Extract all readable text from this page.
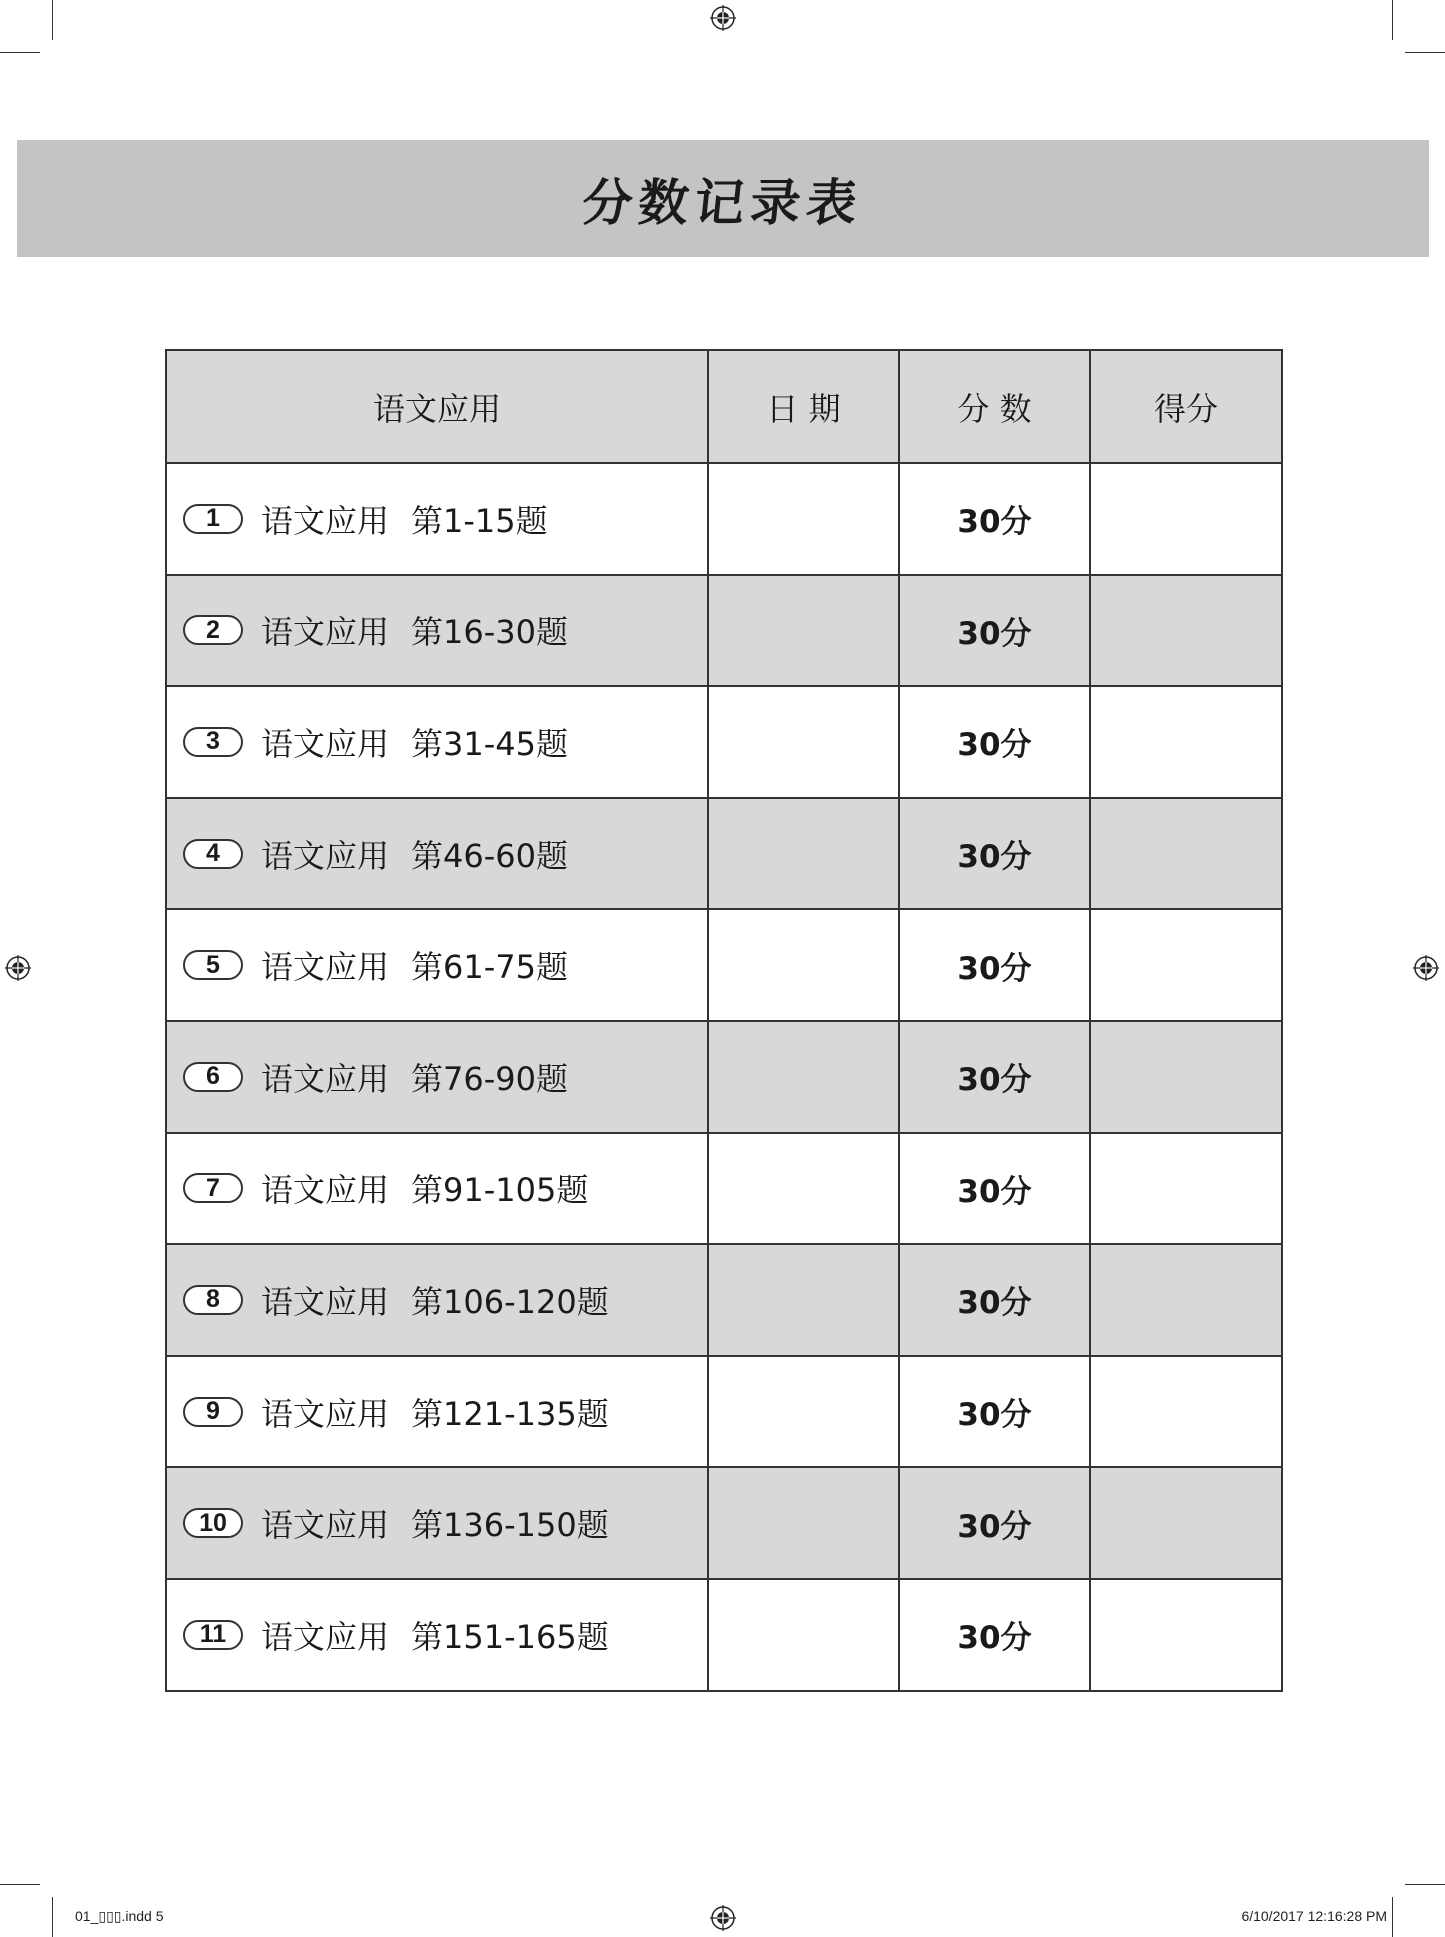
分数记录表
语文应用	日 期	分 数	得分
1 语文应用 第1-15题		30分	
2 语文应用 第16-30题		30分	
3 语文应用 第31-45题		30分	
4 语文应用 第46-60题		30分	
5 语文应用 第61-75题		30分	
6 语文应用 第76-90题		30分	
7 语文应用 第91-105题		30分	
8 语文应用 第106-120题		30分	
9 语文应用 第121-135题		30分	
10 语文应用 第136-150题		30分	
11 语文应用 第151-165题		30分	
01_▯▯▯.indd 5	6/10/2017 12:16:28 PM
